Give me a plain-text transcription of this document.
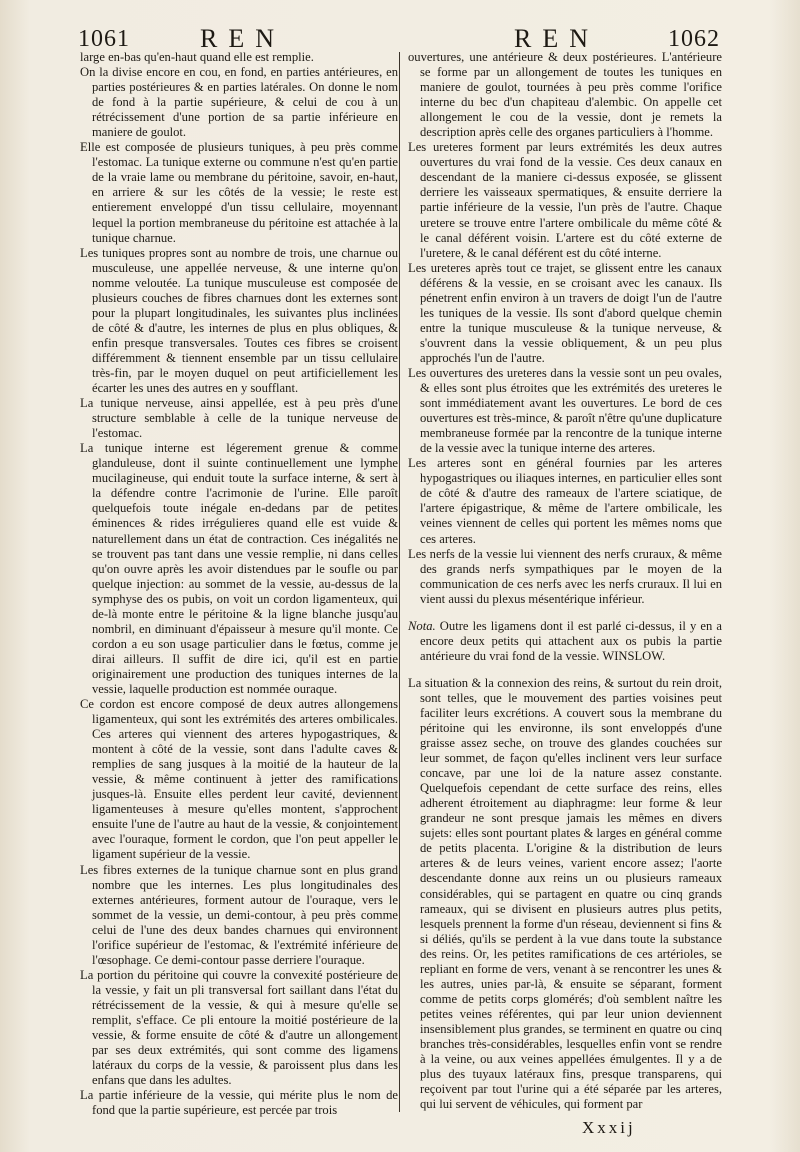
1061	REN	REN	1062

large en-bas qu'en-haut quand elle est remplie.

On la divise encore en cou, en fond, en parties antérieures, en parties postérieures & en parties latérales. On donne le nom de fond à la partie supérieure, & celui de cou à un rétrécissement d'une portion de sa partie inférieure en maniere de goulot.

Elle est composée de plusieurs tuniques, à peu près comme l'estomac. La tunique externe ou commune n'est qu'en partie de la vraie lame ou membrane du péritoine, savoir, en-haut, en arriere & sur les côtés de la vessie; le reste est entierement enveloppé d'un tissu cellulaire, moyennant lequel la portion membraneuse du péritoine est attachée à la tunique charnue.

Les tuniques propres sont au nombre de trois, une charnue ou musculeuse, une appellée nerveuse, & une interne qu'on nomme veloutée. La tunique musculeuse est composée de plusieurs couches de fibres charnues dont les externes sont pour la plupart longitudinales, les suivantes plus inclinées de côté & d'autre, les internes de plus en plus obliques, & enfin presque transversales. Toutes ces fibres se croisent différemment & tiennent ensemble par un tissu cellulaire très-fin, par le moyen duquel on peut artificiellement les écarter les unes des autres en y soufflant.

La tunique nerveuse, ainsi appellée, est à peu près d'une structure semblable à celle de la tunique nerveuse de l'estomac.

La tunique interne est légerement grenue & comme glanduleuse, dont il suinte continuellement une lymphe mucilagineuse, qui enduit toute la surface interne, & sert à la défendre contre l'acrimonie de l'urine. Elle paroît quelquefois toute inégale en-dedans par de petites éminences & rides irrégulieres quand elle est vuide & naturellement dans un état de contraction. Ces inégalités ne se trouvent pas tant dans une vessie remplie, ni dans celles qu'on ouvre après les avoir distendues par le soufle ou par quelque injection: au sommet de la vessie, au-dessus de la symphyse des os pubis, on voit un cordon ligamenteux, qui de-là monte entre le péritoine & la ligne blanche jusqu'au nombril, en diminuant d'épaisseur à mesure qu'il monte. Ce cordon a eu son usage particulier dans le fœtus, comme je dirai ailleurs. Il suffit de dire ici, qu'il est en partie originairement une production des tuniques internes de la vessie, laquelle production est nommée ouraque.

Ce cordon est encore composé de deux autres allongemens ligamenteux, qui sont les extrémités des arteres ombilicales. Ces arteres qui viennent des arteres hypogastriques, & montent à côté de la vessie, sont dans l'adulte caves & remplies de sang jusques à la moitié de la hauteur de la vessie, & même continuent à jetter des ramifications jusques-là. Ensuite elles perdent leur cavité, deviennent ligamenteuses à mesure qu'elles montent, s'approchent ensuite l'une de l'autre au haut de la vessie, & conjointement avec l'ouraque, forment le cordon, que l'on peut appeller le ligament supérieur de la vessie.

Les fibres externes de la tunique charnue sont en plus grand nombre que les internes. Les plus longitudinales des externes antérieures, forment autour de l'ouraque, vers le sommet de la vessie, un demi-contour, à peu près comme celui de l'une des deux bandes charnues qui environnent l'orifice supérieur de l'estomac, & l'extrémité inférieure de l'œsophage. Ce demi-contour passe derriere l'ouraque.

La portion du péritoine qui couvre la convexité postérieure de la vessie, y fait un pli transversal fort saillant dans l'état du rétrécissement de la vessie, & qui à mesure qu'elle se remplit, s'efface. Ce pli entoure la moitié postérieure de la vessie, & forme ensuite de côté & d'autre un allongement par ses deux extrémités, qui sont comme des ligamens latéraux du corps de la vessie, & paroissent plus dans les enfans que dans les adultes.

La partie inférieure de la vessie, qui mérite plus le nom de fond que la partie supérieure, est percée par trois

ouvertures, une antérieure & deux postérieures. L'antérieure se forme par un allongement de toutes les tuniques en maniere de goulot, tournées à peu près comme l'orifice interne du bec d'un chapiteau d'alembic. On appelle cet allongement le cou de la vessie, dont je remets la description après celle des organes particuliers à l'homme.

Les ureteres forment par leurs extrémités les deux autres ouvertures du vrai fond de la vessie. Ces deux canaux en descendant de la maniere ci-dessus exposée, se glissent derriere les vaisseaux spermatiques, & ensuite derriere la partie inférieure de la vessie, l'un près de l'autre. Chaque uretere se trouve entre l'artere ombilicale du même côté & le canal déférent voisin. L'artere est du côté externe de l'uretere, & le canal déférent est du côté interne.

Les ureteres après tout ce trajet, se glissent entre les canaux déférens & la vessie, en se croisant avec les canaux. Ils pénetrent enfin environ à un travers de doigt l'un de l'autre les tuniques de la vessie. Ils sont d'abord quelque chemin entre la tunique musculeuse & la tunique nerveuse, & s'ouvrent dans la vessie obliquement, & un peu plus approchés l'un de l'autre.

Les ouvertures des ureteres dans la vessie sont un peu ovales, & elles sont plus étroites que les extrémités des ureteres le sont immédiatement avant les ouvertures. Le bord de ces ouvertures est très-mince, & paroît n'être qu'une duplicature membraneuse formée par la rencontre de la tunique interne de la vessie avec la tunique interne des arteres.

Les arteres sont en général fournies par les arteres hypogastriques ou iliaques internes, en particulier elles sont de côté & d'autre des rameaux de l'artere sciatique, de l'artere épigastrique, & même de l'artere ombilicale, les veines viennent de celles qui portent les mêmes noms que ces arteres.

Les nerfs de la vessie lui viennent des nerfs cruraux, & même des grands nerfs sympathiques par le moyen de la communication de ces nerfs avec les nerfs cruraux. Il lui en vient aussi du plexus mésentérique inférieur.

Nota. Outre les ligamens dont il est parlé ci-dessus, il y en a encore deux petits qui attachent aux os pubis la partie antérieure du vrai fond de la vessie. WINSLOW.

La situation & la connexion des reins, & surtout du rein droit, sont telles, que le mouvement des parties voisines peut faciliter leurs excrétions. A couvert sous la membrane du péritoine qui les environne, ils sont enveloppés d'une graisse assez seche, on trouve des glandes couchées sur leur sommet, de façon qu'elles inclinent vers leur surface concave, par une loi de la nature assez constante. Quelquefois cependant de cette surface des reins, elles adherent étroitement au diaphragme: leur forme & leur grandeur ne sont presque jamais les mêmes en divers sujets: elles sont pourtant plates & larges en général comme de petits placenta. L'origine & la distribution de leurs arteres & de leurs veines, varient encore assez; l'aorte descendante donne aux reins un ou plusieurs rameaux considérables, qui se partagent en quatre ou cinq grands rameaux, qui se divisent en plusieurs autres plus petits, lesquels prennent la forme d'un réseau, deviennent si fins & si déliés, qu'ils se perdent à la vue dans toute la substance des reins. Or, les petites ramifications de ces artérioles, se repliant en forme de vers, venant à se rencontrer les unes & les autres, unies par-là, & ensuite se séparant, forment comme de petits corps glomérés; d'où semblent naître les petites veines référentes, qui par leur union deviennent insensiblement plus grandes, se terminent en quatre ou cinq branches très-considérables, lesquelles enfin vont se rendre à la veine, ou aux veines appellées émulgentes. Il y a de plus des tuyaux latéraux fins, presque transparens, qui reçoivent par tout l'urine qui a été séparée par les arteres, qui lui servent de véhicules, qui forment par

Xxxij
